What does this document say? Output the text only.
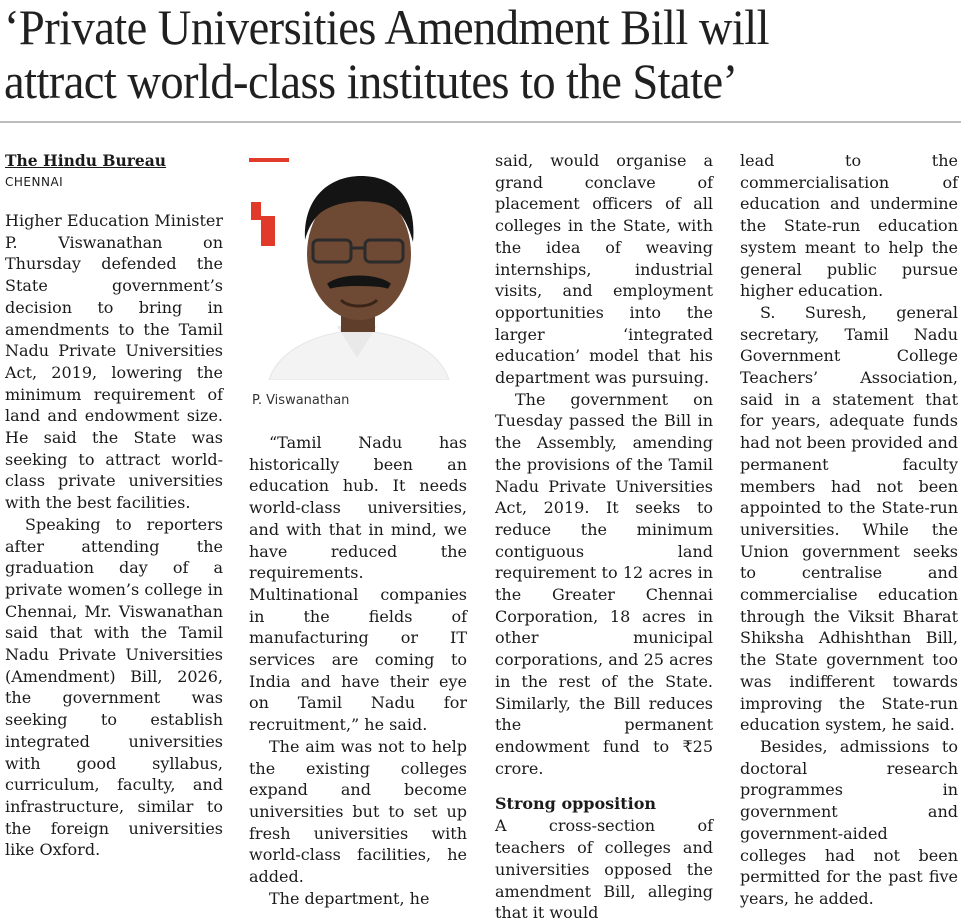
‘Private Universities Amendment Bill will attract world-class institutes to the State’
The Hindu Bureau
CHENNAI

Higher Education Minister P. Viswanathan on Thursday defended the State government’s decision to bring in amendments to the Tamil Nadu Private Universities Act, 2019, lowering the minimum requirement of land and endowment size. He said the State was seeking to attract world-class private universities with the best facilities.

Speaking to reporters after attending the graduation day of a private women’s college in Chennai, Mr. Viswanathan said that with the Tamil Nadu Private Universities (Amendment) Bill, 2026, the government was seeking to establish integrated universities with good syllabus, curriculum, faculty, and infrastructure, similar to the foreign universities like Oxford.

P. Viswanathan

“Tamil Nadu has historically been an education hub. It needs world-class universities, and with that in mind, we have reduced the requirements. Multinational companies in the fields of manufacturing or IT services are coming to India and have their eye on Tamil Nadu for recruitment,” he said.

The aim was not to help the existing colleges expand and become universities but to set up fresh universities with world-class facilities, he added.

The department, he

said, would organise a grand conclave of placement officers of all colleges in the State, with the idea of weaving internships, industrial visits, and employment opportunities into the larger ‘integrated education’ model that his department was pursuing.

The government on Tuesday passed the Bill in the Assembly, amending the provisions of the Tamil Nadu Private Universities Act, 2019. It seeks to reduce the minimum contiguous land requirement to 12 acres in the Greater Chennai Corporation, 18 acres in other municipal corporations, and 25 acres in the rest of the State. Similarly, the Bill reduces the permanent endowment fund to ₹25 crore.

Strong opposition

A cross-section of teachers of colleges and universities opposed the amendment Bill, alleging that it would

lead to the commercialisation of education and undermine the State-run education system meant to help the general public pursue higher education.

S. Suresh, general secretary, Tamil Nadu Government College Teachers’ Association, said in a statement that for years, adequate funds had not been provided and permanent faculty members had not been appointed to the State-run universities. While the Union government seeks to centralise and commercialise education through the Viksit Bharat Shiksha Adhishthan Bill, the State government too was indifferent towards improving the State-run education system, he said.

Besides, admissions to doctoral research programmes in government and government-aided colleges had not been permitted for the past five years, he added.
